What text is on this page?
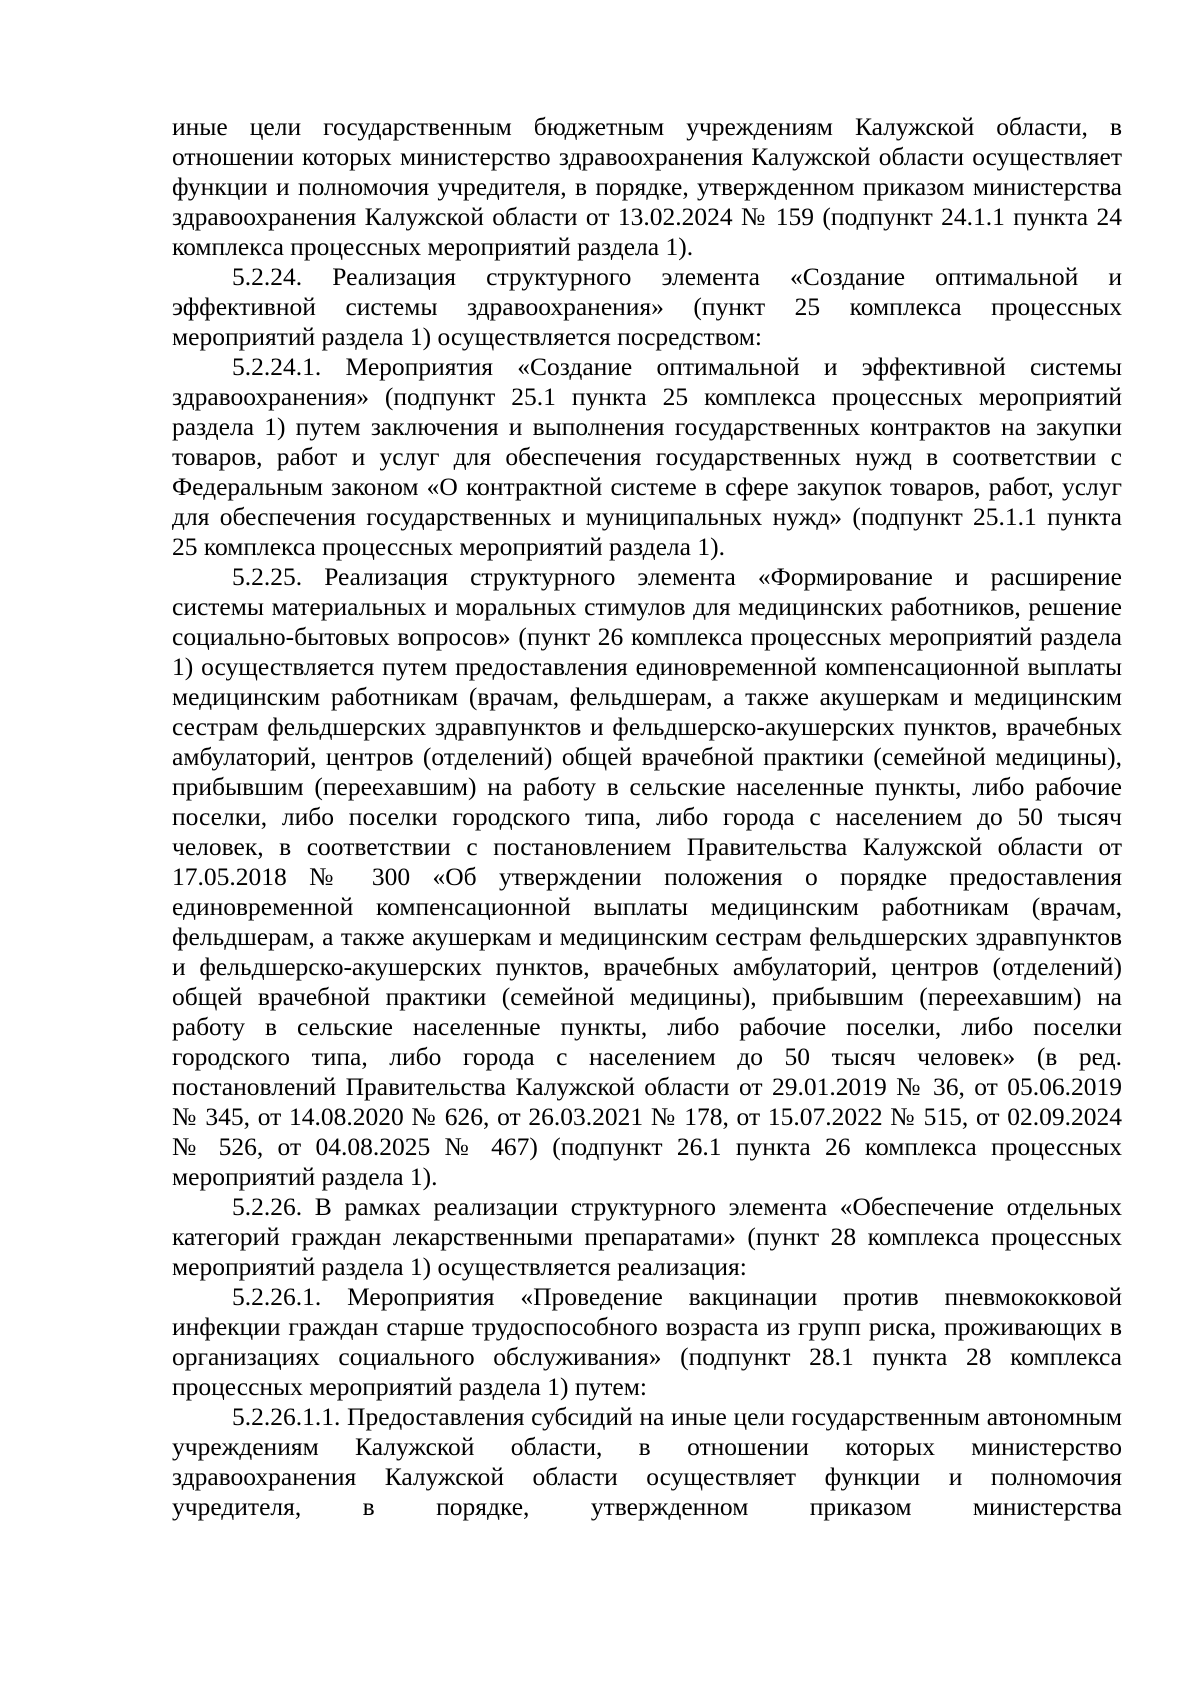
иные цели государственным бюджетным учреждениям Калужской области, в отношении которых министерство здравоохранения Калужской области осуществляет функции и полномочия учредителя, в порядке, утвержденном приказом министерства здравоохранения Калужской области от 13.02.2024 № 159 (подпункт 24.1.1 пункта 24 комплекса процессных мероприятий раздела 1).

5.2.24. Реализация структурного элемента «Создание оптимальной и эффективной системы здравоохранения» (пункт 25 комплекса процессных мероприятий раздела 1) осуществляется посредством:

5.2.24.1. Мероприятия «Создание оптимальной и эффективной системы здравоохранения» (подпункт 25.1 пункта 25 комплекса процессных мероприятий раздела 1) путем заключения и выполнения государственных контрактов на закупки товаров, работ и услуг для обеспечения государственных нужд в соответствии с Федеральным законом «О контрактной системе в сфере закупок товаров, работ, услуг для обеспечения государственных и муниципальных нужд» (подпункт 25.1.1 пункта 25 комплекса процессных мероприятий раздела 1).

5.2.25. Реализация структурного элемента «Формирование и расширение системы материальных и моральных стимулов для медицинских работников, решение социально-бытовых вопросов» (пункт 26 комплекса процессных мероприятий раздела 1) осуществляется путем предоставления единовременной компенсационной выплаты медицинским работникам (врачам, фельдшерам, а также акушеркам и медицинским сестрам фельдшерских здравпунктов и фельдшерско-акушерских пунктов, врачебных амбулаторий, центров (отделений) общей врачебной практики (семейной медицины), прибывшим (переехавшим) на работу в сельские населенные пункты, либо рабочие поселки, либо поселки городского типа, либо города с населением до 50 тысяч человек, в соответствии с постановлением Правительства Калужской области от 17.05.2018 № 300 «Об утверждении положения о порядке предоставления единовременной компенсационной выплаты медицинским работникам (врачам, фельдшерам, а также акушеркам и медицинским сестрам фельдшерских здравпунктов и фельдшерско-акушерских пунктов, врачебных амбулаторий, центров (отделений) общей врачебной практики (семейной медицины), прибывшим (переехавшим) на работу в сельские населенные пункты, либо рабочие поселки, либо поселки городского типа, либо города с населением до 50 тысяч человек» (в ред. постановлений Правительства Калужской области от 29.01.2019 № 36, от 05.06.2019 № 345, от 14.08.2020 № 626, от 26.03.2021 № 178, от 15.07.2022 № 515, от 02.09.2024 № 526, от 04.08.2025 № 467) (подпункт 26.1 пункта 26 комплекса процессных мероприятий раздела 1).

5.2.26. В рамках реализации структурного элемента «Обеспечение отдельных категорий граждан лекарственными препаратами» (пункт 28 комплекса процессных мероприятий раздела 1) осуществляется реализация:

5.2.26.1. Мероприятия «Проведение вакцинации против пневмококковой инфекции граждан старше трудоспособного возраста из групп риска, проживающих в организациях социального обслуживания» (подпункт 28.1 пункта 28 комплекса процессных мероприятий раздела 1) путем:

5.2.26.1.1. Предоставления субсидий на иные цели государственным автономным учреждениям Калужской области, в отношении которых министерство здравоохранения Калужской области осуществляет функции и полномочия учредителя, в порядке, утвержденном приказом министерства
